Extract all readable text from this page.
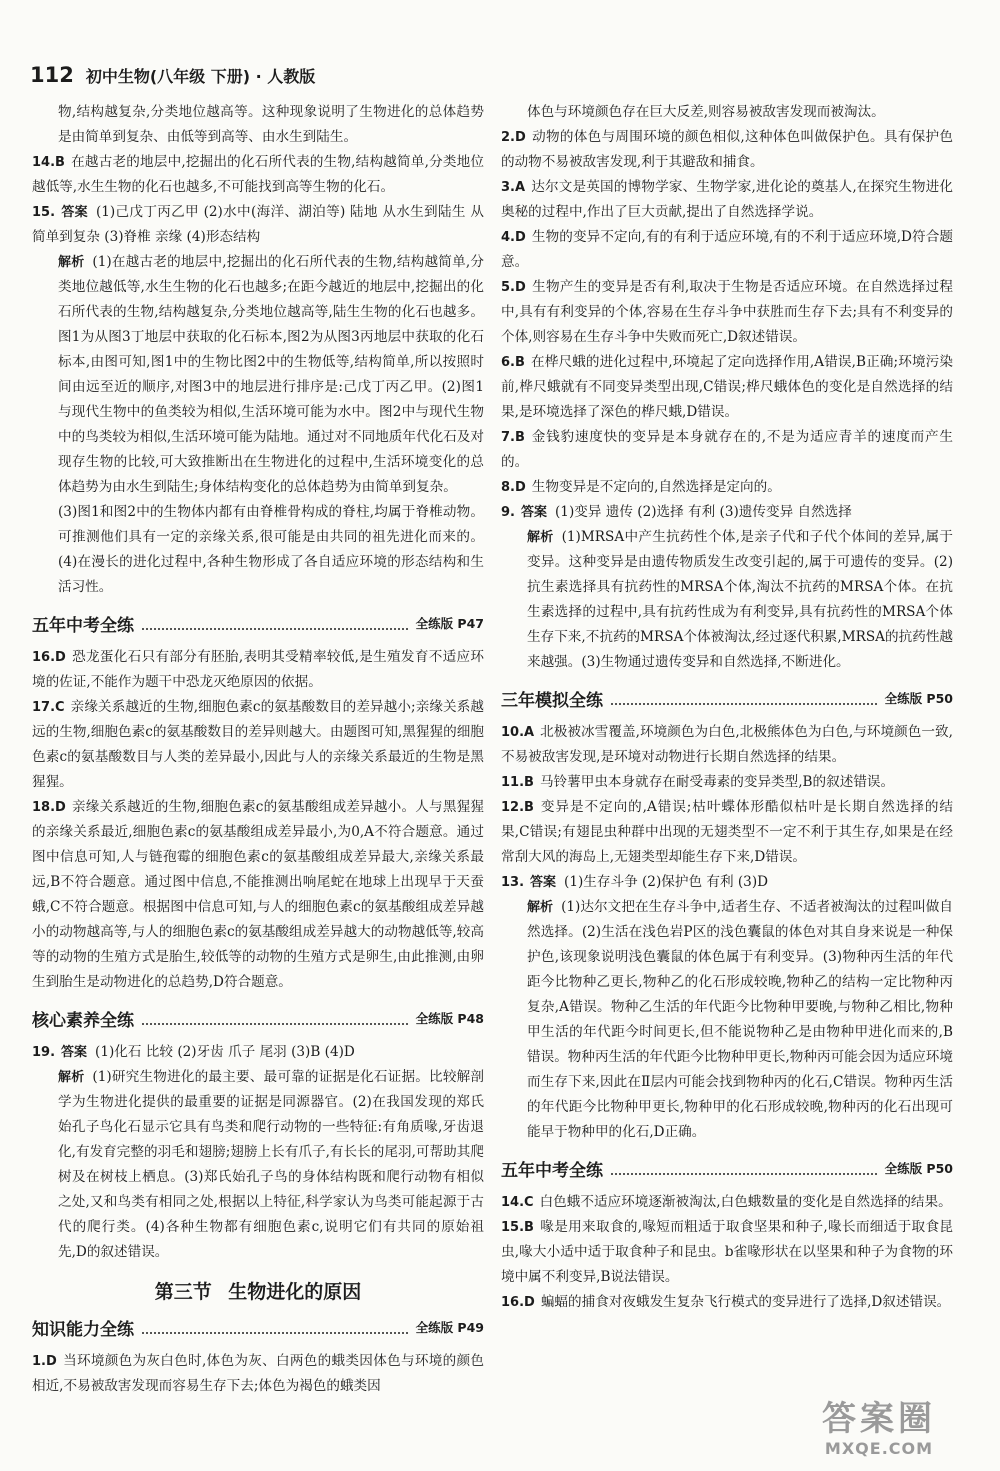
112 初中生物(八年级 下册) · 人教版

物,结构越复杂,分类地位越高等。这种现象说明了生物进化的总体趋势是由简单到复杂、由低等到高等、由水生到陆生。

14.B 在越古老的地层中,挖掘出的化石所代表的生物,结构越简单,分类地位越低等,水生生物的化石也越多,不可能找到高等生物的化石。

15. 答案 (1)己戊丁丙乙甲 (2)水中(海洋、湖泊等) 陆地 从水生到陆生 从简单到复杂 (3)脊椎 亲缘 (4)形态结构

解析 (1)在越古老的地层中,挖掘出的化石所代表的生物,结构越简单,分类地位越低等,水生生物的化石也越多;在距今越近的地层中,挖掘出的化石所代表的生物,结构越复杂,分类地位越高等,陆生生物的化石也越多。图1为从图3丁地层中获取的化石标本,图2为从图3丙地层中获取的化石标本,由图可知,图1中的生物比图2中的生物低等,结构简单,所以按照时间由远至近的顺序,对图3中的地层进行排序是:己戊丁丙乙甲。(2)图1与现代生物中的鱼类较为相似,生活环境可能为水中。图2中与现代生物中的鸟类较为相似,生活环境可能为陆地。通过对不同地质年代化石及对现存生物的比较,可大致推断出在生物进化的过程中,生活环境变化的总体趋势为由水生到陆生;身体结构变化的总体趋势为由简单到复杂。

(3)图1和图2中的生物体内都有由脊椎骨构成的脊柱,均属于脊椎动物。可推测他们具有一定的亲缘关系,很可能是由共同的祖先进化而来的。(4)在漫长的进化过程中,各种生物形成了各自适应环境的形态结构和生活习性。

五年中考全练	全练版 P47

16.D 恐龙蛋化石只有部分有胚胎,表明其受精率较低,是生殖发育不适应环境的佐证,不能作为题干中恐龙灭绝原因的依据。

17.C 亲缘关系越近的生物,细胞色素c的氨基酸数目的差异越小;亲缘关系越远的生物,细胞色素c的氨基酸数目的差异则越大。由题图可知,黑猩猩的细胞色素c的氨基酸数目与人类的差异最小,因此与人的亲缘关系最近的生物是黑猩猩。

18.D 亲缘关系越近的生物,细胞色素c的氨基酸组成差异越小。人与黑猩猩的亲缘关系最近,细胞色素c的氨基酸组成差异最小,为0,A不符合题意。通过图中信息可知,人与链孢霉的细胞色素c的氨基酸组成差异最大,亲缘关系最远,B不符合题意。通过图中信息,不能推测出响尾蛇在地球上出现早于天蚕蛾,C不符合题意。根据图中信息可知,与人的细胞色素c的氨基酸组成差异越小的动物越高等,与人的细胞色素c的氨基酸组成差异越大的动物越低等,较高等的动物的生殖方式是胎生,较低等的动物的生殖方式是卵生,由此推测,由卵生到胎生是动物进化的总趋势,D符合题意。

核心素养全练	全练版 P48

19. 答案 (1)化石 比较 (2)牙齿 爪子 尾羽 (3)B (4)D

解析 (1)研究生物进化的最主要、最可靠的证据是化石证据。比较解剖学为生物进化提供的最重要的证据是同源器官。(2)在我国发现的郑氏始孔子鸟化石显示它具有鸟类和爬行动物的一些特征:有角质喙,牙齿退化,有发育完整的羽毛和翅膀;翅膀上长有爪子,有长长的尾羽,可帮助其爬树及在树枝上栖息。(3)郑氏始孔子鸟的身体结构既和爬行动物有相似之处,又和鸟类有相同之处,根据以上特征,科学家认为鸟类可能起源于古代的爬行类。(4)各种生物都有细胞色素c,说明它们有共同的原始祖先,D的叙述错误。

第三节 生物进化的原因
知识能力全练	全练版 P49

1.D 当环境颜色为灰白色时,体色为灰、白两色的蛾类因体色与环境的颜色相近,不易被敌害发现而容易生存下去;体色为褐色的蛾类因

体色与环境颜色存在巨大反差,则容易被敌害发现而被淘汰。

2.D 动物的体色与周围环境的颜色相似,这种体色叫做保护色。具有保护色的动物不易被敌害发现,利于其避敌和捕食。

3.A 达尔文是英国的博物学家、生物学家,进化论的奠基人,在探究生物进化奥秘的过程中,作出了巨大贡献,提出了自然选择学说。

4.D 生物的变异不定向,有的有利于适应环境,有的不利于适应环境,D符合题意。

5.D 生物产生的变异是否有利,取决于生物是否适应环境。在自然选择过程中,具有有利变异的个体,容易在生存斗争中获胜而生存下去;具有不利变异的个体,则容易在生存斗争中失败而死亡,D叙述错误。

6.B 在桦尺蛾的进化过程中,环境起了定向选择作用,A错误,B正确;环境污染前,桦尺蛾就有不同变异类型出现,C错误;桦尺蛾体色的变化是自然选择的结果,是环境选择了深色的桦尺蛾,D错误。

7.B 金钱豹速度快的变异是本身就存在的,不是为适应青羊的速度而产生的。

8.D 生物变异是不定向的,自然选择是定向的。

9. 答案 (1)变异 遗传 (2)选择 有利 (3)遗传变异 自然选择

解析 (1)MRSA中产生抗药性个体,是亲子代和子代个体间的差异,属于变异。这种变异是由遗传物质发生改变引起的,属于可遗传的变异。(2)抗生素选择具有抗药性的MRSA个体,淘汰不抗药的MRSA个体。在抗生素选择的过程中,具有抗药性成为有利变异,具有抗药性的MRSA个体生存下来,不抗药的MRSA个体被淘汰,经过逐代积累,MRSA的抗药性越来越强。(3)生物通过遗传变异和自然选择,不断进化。

三年模拟全练	全练版 P50

10.A 北极被冰雪覆盖,环境颜色为白色,北极熊体色为白色,与环境颜色一致,不易被敌害发现,是环境对动物进行长期自然选择的结果。

11.B 马铃薯甲虫本身就存在耐受毒素的变异类型,B的叙述错误。

12.B 变异是不定向的,A错误;枯叶蝶体形酷似枯叶是长期自然选择的结果,C错误;有翅昆虫种群中出现的无翅类型不一定不利于其生存,如果是在经常刮大风的海岛上,无翅类型却能生存下来,D错误。

13. 答案 (1)生存斗争 (2)保护色 有利 (3)D

解析 (1)达尔文把在生存斗争中,适者生存、不适者被淘汰的过程叫做自然选择。(2)生活在浅色岩P区的浅色囊鼠的体色对其自身来说是一种保护色,该现象说明浅色囊鼠的体色属于有利变异。(3)物种丙生活的年代距今比物种乙更长,物种乙的化石形成较晚,物种乙的结构一定比物种丙复杂,A错误。物种乙生活的年代距今比物种甲要晚,与物种乙相比,物种甲生活的年代距今时间更长,但不能说物种乙是由物种甲进化而来的,B错误。物种丙生活的年代距今比物种甲更长,物种丙可能会因为适应环境而生存下来,因此在Ⅱ层内可能会找到物种丙的化石,C错误。物种丙生活的年代距今比物种甲更长,物种甲的化石形成较晚,物种丙的化石出现可能早于物种甲的化石,D正确。

五年中考全练	全练版 P50

14.C 白色蛾不适应环境逐渐被淘汰,白色蛾数量的变化是自然选择的结果。

15.B 喙是用来取食的,喙短而粗适于取食坚果和种子,喙长而细适于取食昆虫,喙大小适中适于取食种子和昆虫。b雀喙形状在以坚果和种子为食物的环境中属不利变异,B说法错误。

16.D 蝙蝠的捕食对夜蛾发生复杂飞行模式的变异进行了选择,D叙述错误。

答案圈
MXQE.COM
